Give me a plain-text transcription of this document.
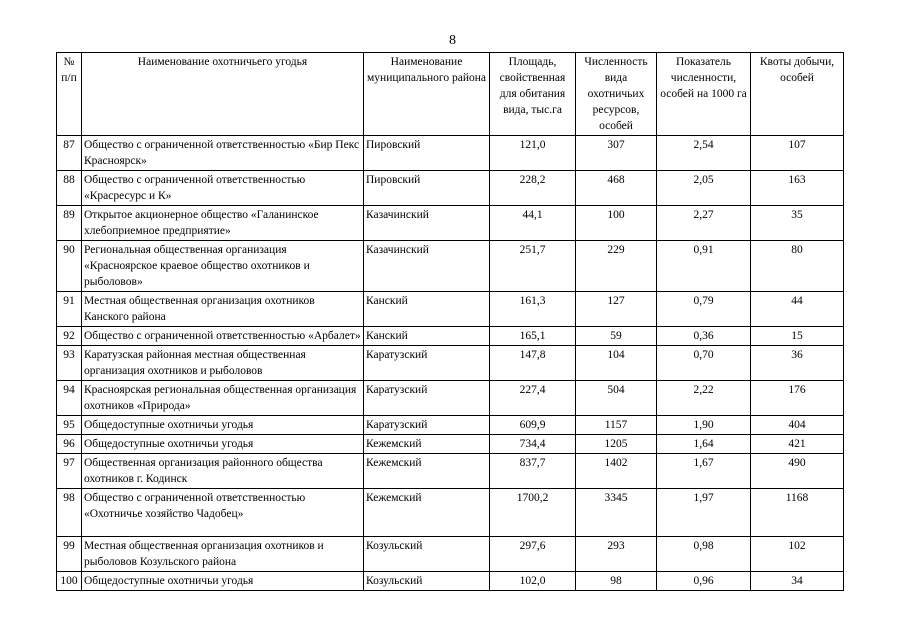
8
№ п/п	Наименование охотничьего угодья	Наименование муниципального района	Площадь, свойственная для обитания вида, тыс.га	Численность вида охотничьих ресурсов, особей	Показатель численности, особей на 1000 га	Квоты добычи, особей
87	Общество с ограниченной ответственностью «Бир Пекс Красноярск»	Пировский	121,0	307	2,54	107
88	Общество с ограниченной ответственностью «Красресурс и К»	Пировский	228,2	468	2,05	163
89	Открытое акционерное общество «Галанинское хлебоприемное предприятие»	Казачинский	44,1	100	2,27	35
90	Региональная общественная организация «Красноярское краевое общество охотников и рыболовов»	Казачинский	251,7	229	0,91	80
91	Местная общественная организация охотников Канского района	Канский	161,3	127	0,79	44
92	Общество с ограниченной ответственностью «Арбалет»	Канский	165,1	59	0,36	15
93	Каратузская районная местная общественная организация охотников и рыболовов	Каратузский	147,8	104	0,70	36
94	Красноярская региональная общественная организация охотников «Природа»	Каратузский	227,4	504	2,22	176
95	Общедоступные охотничьи угодья	Каратузский	609,9	1157	1,90	404
96	Общедоступные охотничьи угодья	Кежемский	734,4	1205	1,64	421
97	Общественная организация районного общества охотников г. Кодинск	Кежемский	837,7	1402	1,67	490
98	Общество с ограниченной ответственностью «Охотничье хозяйство Чадобец»	Кежемский	1700,2	3345	1,97	1168
99	Местная общественная организация охотников и рыболовов Козульского района	Козульский	297,6	293	0,98	102
100	Общедоступные охотничьи угодья	Козульский	102,0	98	0,96	34
